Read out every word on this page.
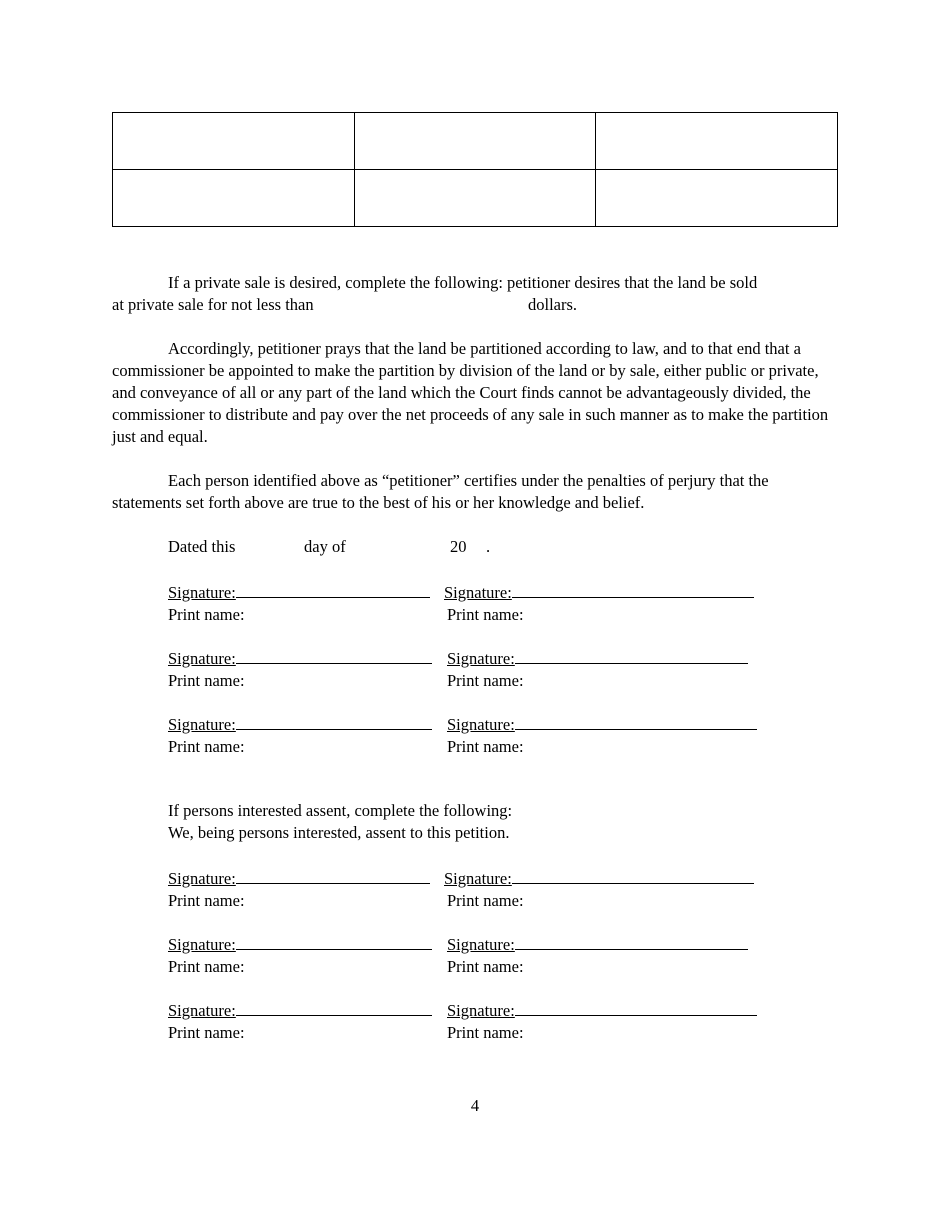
If a private sale is desired, complete the following: petitioner desires that the land be sold
at private sale for not less than	dollars.

Accordingly, petitioner prays that the land be partitioned according to law, and to that end that a commissioner be appointed to make the partition by division of the land or by sale, either public or private, and conveyance of all or any part of the land which the Court finds cannot be advantageously divided, the commissioner to distribute and pay over the net proceeds of any sale in such manner as to make the partition just and equal.

Each person identified above as “petitioner” certifies under the penalties of perjury that the statements set forth above are true to the best of his or her knowledge and belief.

Dated this	day of	20 .
Signature:
Print name:
Signature:
Print name:
Signature:
Print name:
Signature:
Print name:
Signature:
Print name:
Signature:
Print name:
If persons interested assent, complete the following:
We, being persons interested, assent to this petition.
Signature:
Print name:
Signature:
Print name:
Signature:
Print name:
Signature:
Print name:
Signature:
Print name:
Signature:
Print name:
4
